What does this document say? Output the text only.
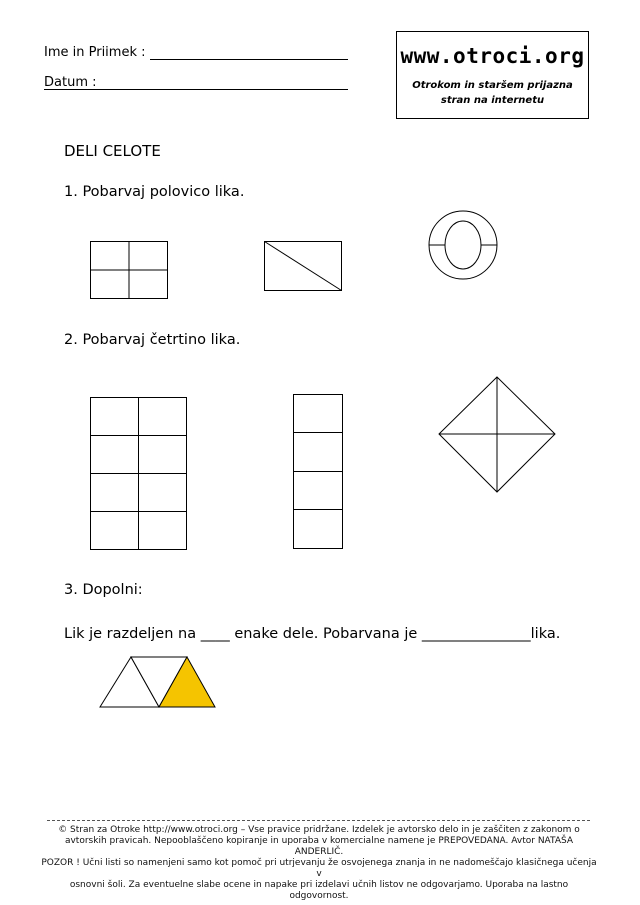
Ime in Priimek :
Datum :
www.otroci.org
Otrokom in staršem prijazna
stran na internetu
DELI CELOTE
1. Pobarvaj polovico lika.
2. Pobarvaj četrtino lika.
3. Dopolni:
Lik je razdeljen na ____ enake dele. Pobarvana je _______________lika.
© Stran za Otroke http://www.otroci.org – Vse pravice pridržane. Izdelek je avtorsko delo in je zaščiten z zakonom o
avtorskih pravicah. Nepooblaščeno kopiranje in uporaba v komercialne namene je PREPOVEDANA. Avtor NATAŠA ANDERLIČ.
POZOR ! Učni listi so namenjeni samo kot pomoč pri utrjevanju že osvojenega znanja in ne nadomeščajo klasičnega učenja v
osnovni šoli. Za eventuelne slabe ocene in napake pri izdelavi učnih listov ne odgovarjamo. Uporaba na lastno odgovornost.
